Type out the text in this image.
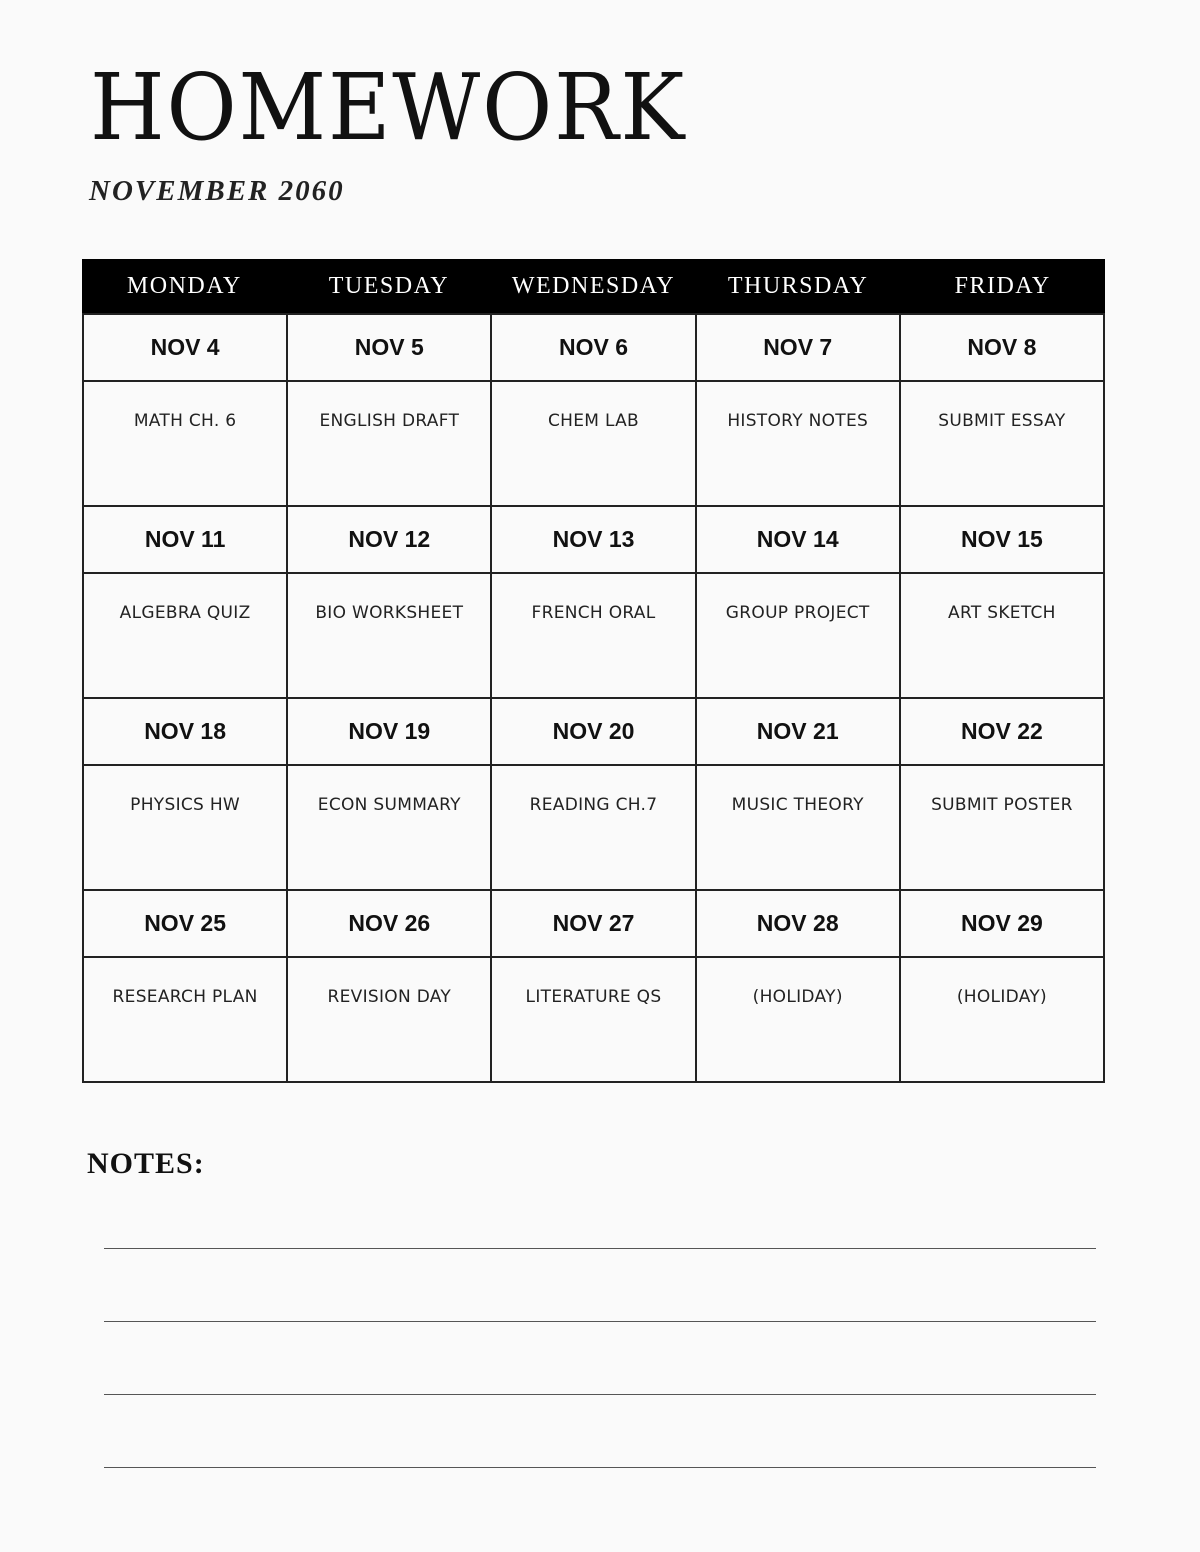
HOMEWORK
NOVEMBER 2060
MONDAY	TUESDAY	WEDNESDAY	THURSDAY	FRIDAY
NOV 4	NOV 5	NOV 6	NOV 7	NOV 8
MATH CH. 6	ENGLISH DRAFT	CHEM LAB	HISTORY NOTES	SUBMIT ESSAY
NOV 11	NOV 12	NOV 13	NOV 14	NOV 15
ALGEBRA QUIZ	BIO WORKSHEET	FRENCH ORAL	GROUP PROJECT	ART SKETCH
NOV 18	NOV 19	NOV 20	NOV 21	NOV 22
PHYSICS HW	ECON SUMMARY	READING CH.7	MUSIC THEORY	SUBMIT POSTER
NOV 25	NOV 26	NOV 27	NOV 28	NOV 29
RESEARCH PLAN	REVISION DAY	LITERATURE QS	(HOLIDAY)	(HOLIDAY)
NOTES:
